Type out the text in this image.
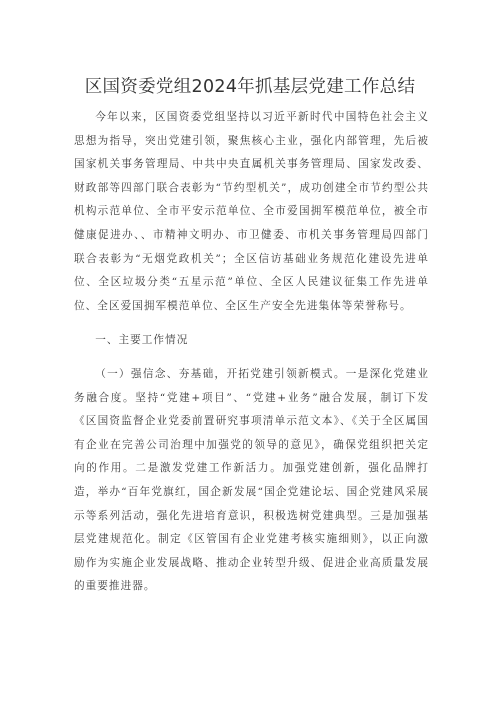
区国资委党组2024年抓基层党建工作总结

今年以来，区国资委党组坚持以习近平新时代中国特色社会主义思想为指导，突出党建引领，聚焦核心主业，强化内部管理，先后被国家机关事务管理局、中共中央直属机关事务管理局、国家发改委、财政部等四部门联合表彰为“节约型机关”，成功创建全市节约型公共机构示范单位、全市平安示范单位、全市爱国拥军模范单位，被全市健康促进办、、市精神文明办、市卫健委、市机关事务管理局四部门联合表彰为“无烟党政机关”；全区信访基础业务规范化建设先进单位、全区垃圾分类“五星示范”单位、全区人民建议征集工作先进单位、全区爱国拥军模范单位、全区生产安全先进集体等荣誉称号。

一、主要工作情况

（一）强信念、夯基础，开拓党建引领新模式。一是深化党建业务融合度。坚持“党建+项目”、“党建+业务”融合发展，制订下发《区国资监督企业党委前置研究事项清单示范文本》、《关于全区属国有企业在完善公司治理中加强党的领导的意见》，确保党组织把关定向的作用。二是激发党建工作新活力。加强党建创新，强化品牌打造，举办“百年党旗红，国企新发展“国企党建论坛、国企党建风采展示等系列活动，强化先进培育意识，积极选树党建典型。三是加强基层党建规范化。制定《区管国有企业党建考核实施细则》，以正向激励作为实施企业发展战略、推动企业转型升级、促进企业高质量发展的重要推进器。
